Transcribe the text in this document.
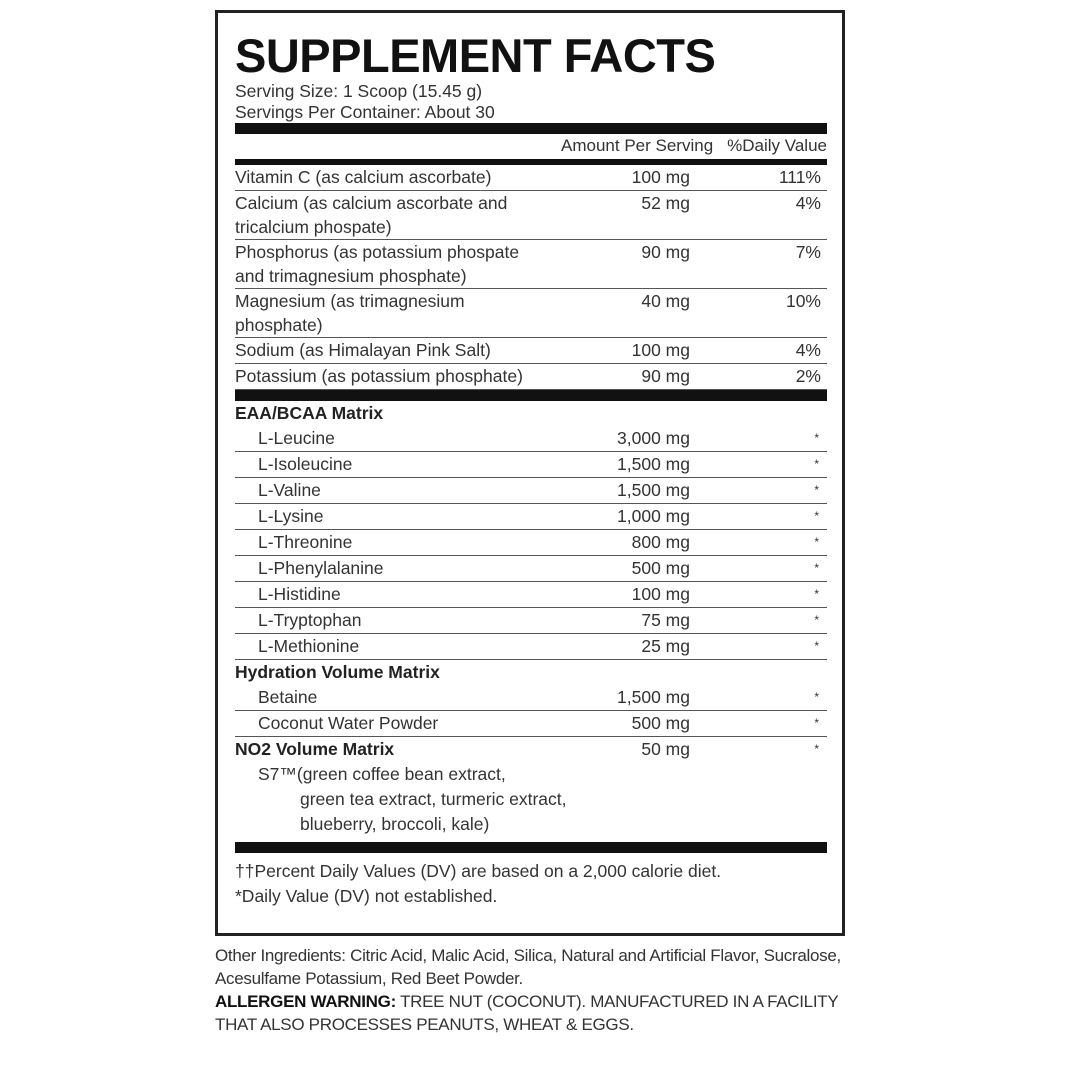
SUPPLEMENT FACTS
Serving Size: 1 Scoop (15.45 g)
Servings Per Container: About 30
Amount Per Serving %Daily Value
Vitamin C (as calcium ascorbate)	100 mg	111%
Calcium (as calcium ascorbate and
tricalcium phospate)
52 mg	4%
Phosphorus (as potassium phospate
and trimagnesium phosphate)
90 mg	7%
Magnesium (as trimagnesium
phosphate)
40 mg	10%
Sodium (as Himalayan Pink Salt)	100 mg	4%
Potassium (as potassium phosphate)	90 mg	2%
EAA/BCAA Matrix
L-Leucine	3,000 mg	*
L-Isoleucine	1,500 mg	*
L-Valine	1,500 mg	*
L-Lysine	1,000 mg	*
L-Threonine	800 mg	*
L-Phenylalanine	500 mg	*
L-Histidine	100 mg	*
L-Tryptophan	75 mg	*
L-Methionine	25 mg	*
Hydration Volume Matrix
Betaine	1,500 mg	*
Coconut Water Powder	500 mg	*
NO2 Volume Matrix	50 mg	*
S7™(green coffee bean extract,
green tea extract, turmeric extract,
blueberry, broccoli, kale)
††Percent Daily Values (DV) are based on a 2,000 calorie diet.
*Daily Value (DV) not established.
Other Ingredients: Citric Acid, Malic Acid, Silica, Natural and Artificial Flavor, Sucralose, Acesulfame Potassium, Red Beet Powder.
ALLERGEN WARNING: TREE NUT (COCONUT). MANUFACTURED IN A FACILITY THAT ALSO PROCESSES PEANUTS, WHEAT & EGGS.
